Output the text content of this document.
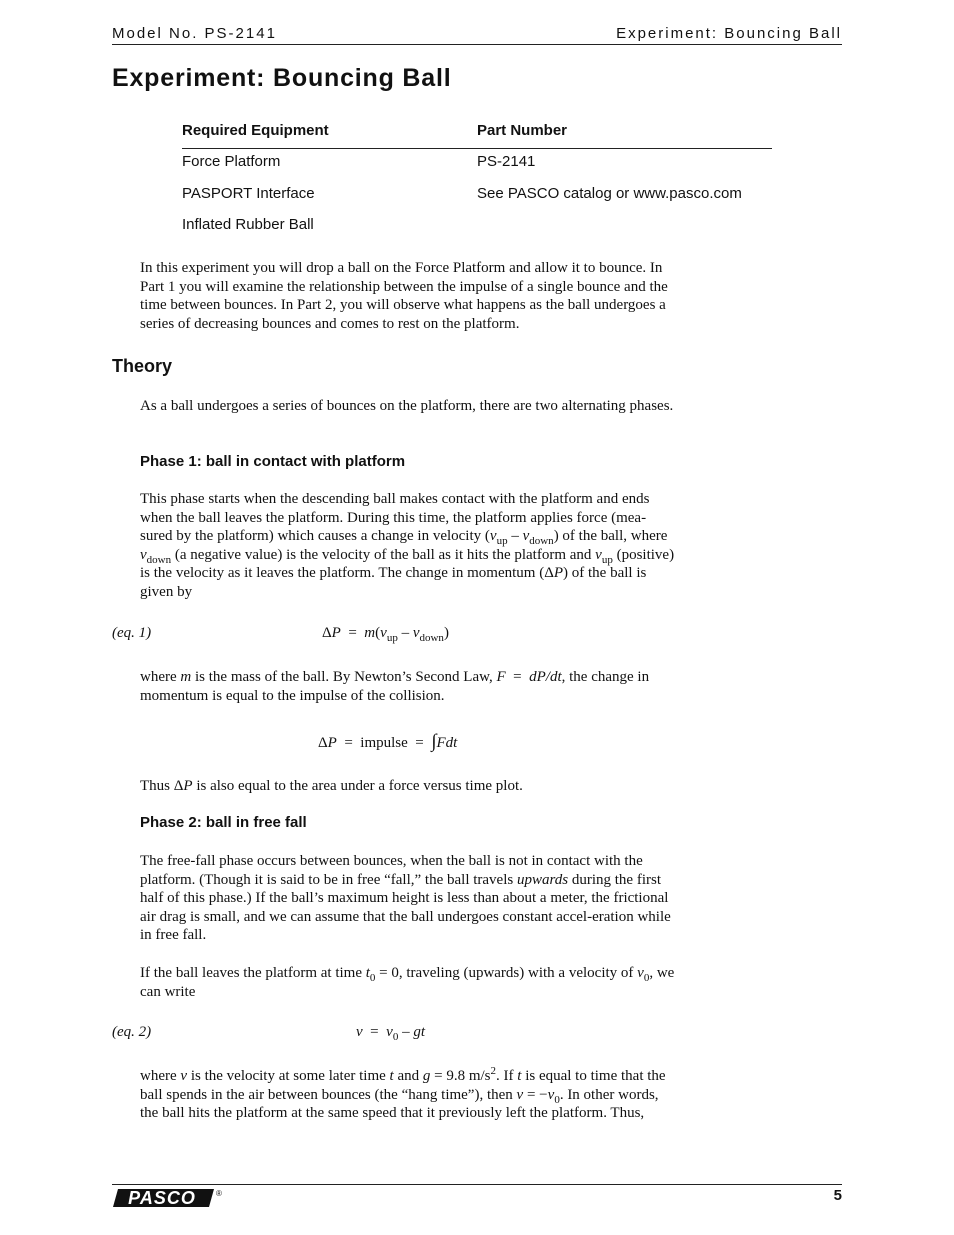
Model No. PS-2141	Experiment: Bouncing Ball
Experiment: Bouncing Ball
Required Equipment	Part Number
Force Platform	PS-2141
PASPORT Interface	See PASCO catalog or www.pasco.com
Inflated Rubber Ball
In this experiment you will drop a ball on the Force Platform and allow it to bounce. In Part 1 you will examine the relationship between the impulse of a single bounce and the time between bounces. In Part 2, you will observe what happens as the ball undergoes a series of decreasing bounces and comes to rest on the platform.
Theory
As a ball undergoes a series of bounces on the platform, there are two alternating phases.
Phase 1: ball in contact with platform
This phase starts when the descending ball makes contact with the platform and ends when the ball leaves the platform. During this time, the platform applies force (mea-sured by the platform) which causes a change in velocity $(v_{up} - v_{down})$ of the ball, where $v_{down}$ (a negative value) is the velocity of the ball as it hits the platform and $v_{up}$ (positive) is the velocity as it leaves the platform. The change in momentum (ΔP) of the ball is given by
(eq. 1)	$\Delta P = m(v_{up} - v_{down})$
where m is the mass of the ball. By Newton’s Second Law, F = dP/dt, the change in momentum is equal to the impulse of the collision.
ΔP = impulse = ∫Fdt
Thus ΔP is also equal to the area under a force versus time plot.
Phase 2: ball in free fall
The free-fall phase occurs between bounces, when the ball is not in contact with the platform. (Though it is said to be in free “fall,” the ball travels upwards during the first half of this phase.) If the ball’s maximum height is less than about a meter, the frictional air drag is small, and we can assume that the ball undergoes constant accel-eration while in free fall.
If the ball leaves the platform at time $t_0 = 0$, traveling (upwards) with a velocity of $v_0$, we can write
(eq. 2)	$v = v_0$ – gt
where v is the velocity at some later time t and g = 9.8 $m/s^2$. If t is equal to time that the ball spends in the air between bounces (the “hang time”), then $v = -v_0$. In other words, the ball hits the platform at the same speed that it previously left the platform. Thus,
PASCO	®	5
